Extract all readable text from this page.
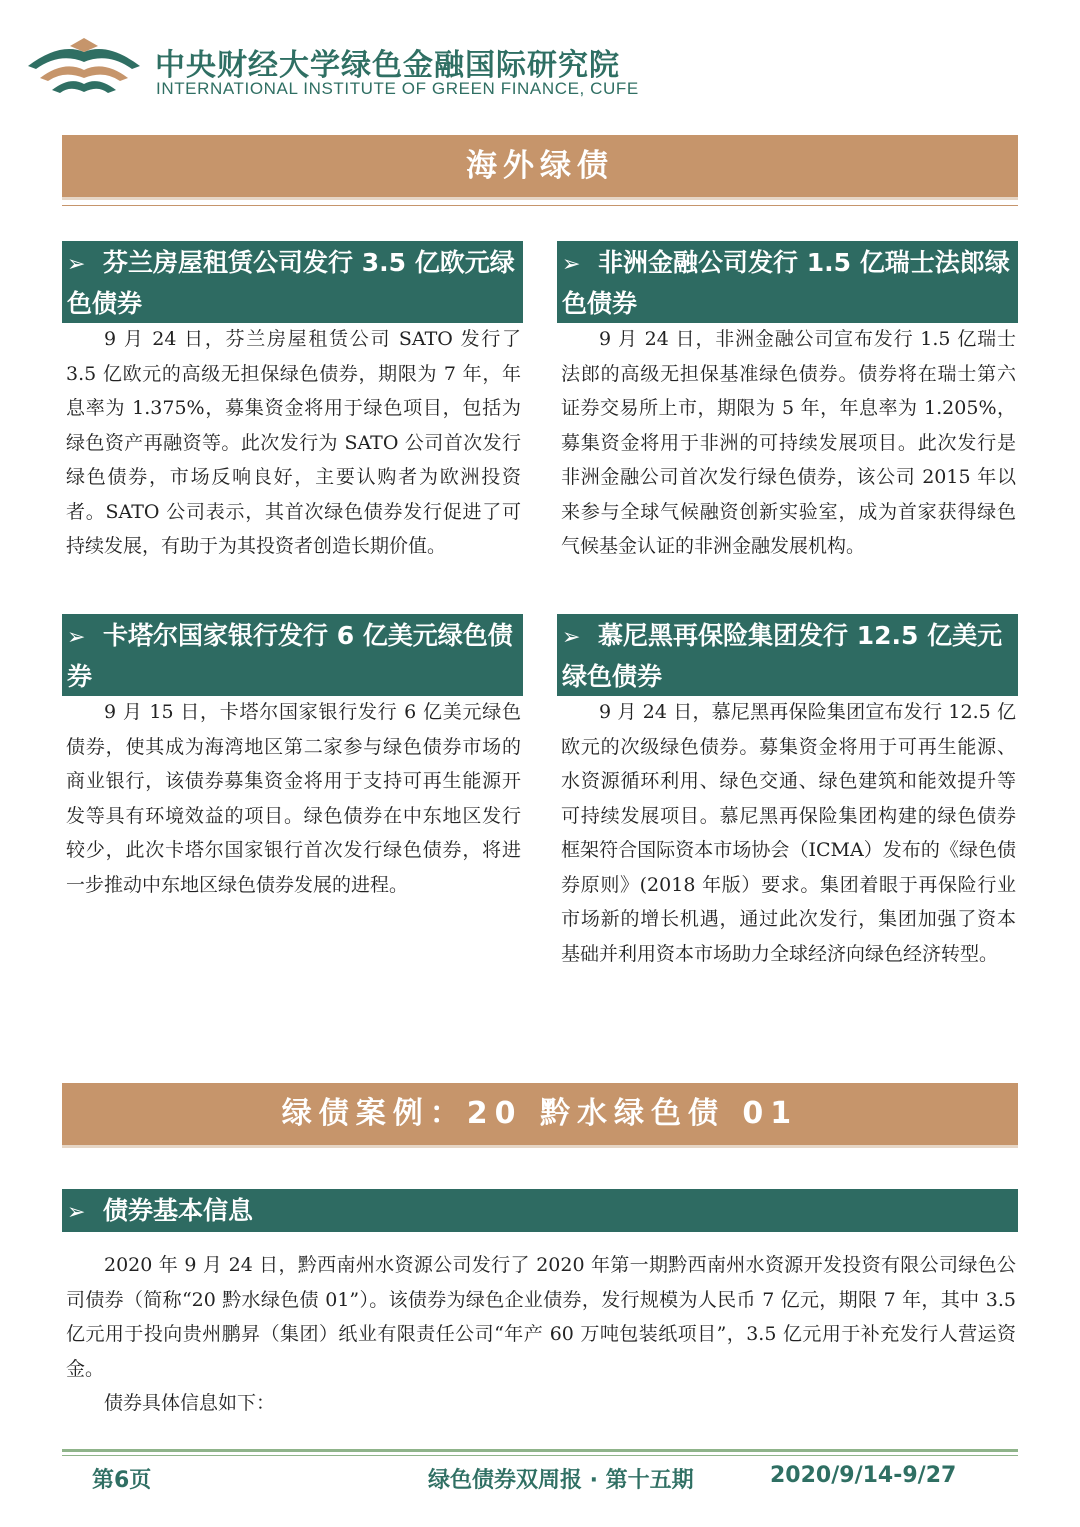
中央财经大学绿色金融国际研究院
INTERNATIONAL INSTITUTE OF GREEN FINANCE, CUFE
海外绿债
➢ 芬兰房屋租赁公司发行 3.5 亿欧元绿色债券
9 月 24 日，芬兰房屋租赁公司 SATO 发行了 3.5 亿欧元的高级无担保绿色债券，期限为 7 年，年息率为 1.375%，募集资金将用于绿色项目，包括为绿色资产再融资等。此次发行为 SATO 公司首次发行绿色债券，市场反响良好，主要认购者为欧洲投资者。SATO 公司表示，其首次绿色债券发行促进了可持续发展，有助于为其投资者创造长期价值。
➢ 非洲金融公司发行 1.5 亿瑞士法郎绿色债券
9 月 24 日，非洲金融公司宣布发行 1.5 亿瑞士法郎的高级无担保基准绿色债券。债券将在瑞士第六证券交易所上市，期限为 5 年，年息率为 1.205%，募集资金将用于非洲的可持续发展项目。此次发行是非洲金融公司首次发行绿色债券，该公司 2015 年以来参与全球气候融资创新实验室，成为首家获得绿色气候基金认证的非洲金融发展机构。
➢ 卡塔尔国家银行发行 6 亿美元绿色债券
9 月 15 日，卡塔尔国家银行发行 6 亿美元绿色债券，使其成为海湾地区第二家参与绿色债券市场的商业银行，该债券募集资金将用于支持可再生能源开发等具有环境效益的项目。绿色债券在中东地区发行较少，此次卡塔尔国家银行首次发行绿色债券，将进一步推动中东地区绿色债券发展的进程。
➢ 慕尼黑再保险集团发行 12.5 亿美元绿色债券
9 月 24 日，慕尼黑再保险集团宣布发行 12.5 亿欧元的次级绿色债券。募集资金将用于可再生能源、水资源循环利用、绿色交通、绿色建筑和能效提升等可持续发展项目。慕尼黑再保险集团构建的绿色债券框架符合国际资本市场协会（ICMA）发布的《绿色债券原则》(2018 年版）要求。集团着眼于再保险行业市场新的增长机遇，通过此次发行，集团加强了资本基础并利用资本市场助力全球经济向绿色经济转型。
绿债案例：20 黔水绿色债 01
➢ 债券基本信息
2020 年 9 月 24 日，黔西南州水资源公司发行了 2020 年第一期黔西南州水资源开发投资有限公司绿色公司债券（简称“20 黔水绿色债 01”）。该债券为绿色企业债券，发行规模为人民币 7 亿元，期限 7 年，其中 3.5 亿元用于投向贵州鹏昇（集团）纸业有限责任公司“年产 60 万吨包装纸项目”，3.5 亿元用于补充发行人营运资金。
债券具体信息如下：
第6页	绿色债券双周报 · 第十五期	2020/9/14-9/27
